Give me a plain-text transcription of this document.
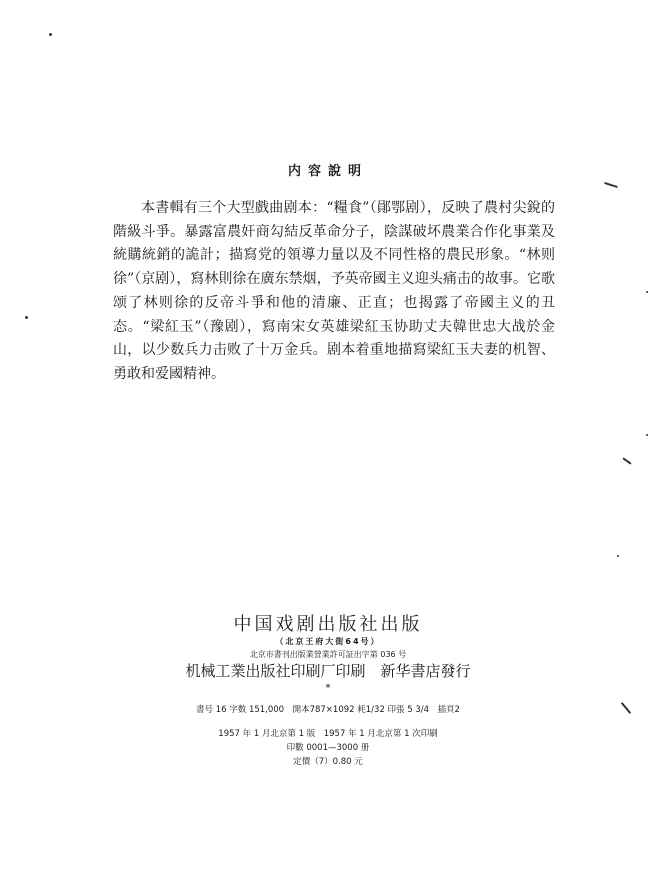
内容說明

本書輯有三个大型戲曲剧本：“糧食”（鄖鄂剧），反映了農村尖銳的階級斗爭。暴露富農奸商勾結反革命分子，陰謀破坏農業合作化事業及統購統銷的詭計；描寫党的領導力量以及不同性格的農民形象。“林则徐”（京剧），寫林則徐在廣东禁烟，予英帝國主义迎头痛击的故事。它歌颂了林则徐的反帝斗爭和他的清廉、正直；也揭露了帝國主义的丑态。“梁紅玉”（豫剧），寫南宋女英雄梁紅玉协助丈夫韓世忠大战於金山，以少数兵力击败了十万金兵。剧本着重地描寫梁紅玉夫妻的机智、勇敢和爱國精神。

中国戏剧出版社出版
（北京王府大街64号）
北京市書刊出版業營業許可証出字第 036 号
机械工業出版社印刷厂印刷　新华書店發行
*
書号 16 字数 151,000　開本787×1092 耗1/32 印張 5 3/4　插頁2
1957 年 1 月北京第 1 版　1957 年 1 月北京第 1 次印刷
印數 0001—3000 册
定價（7）0.80 元
